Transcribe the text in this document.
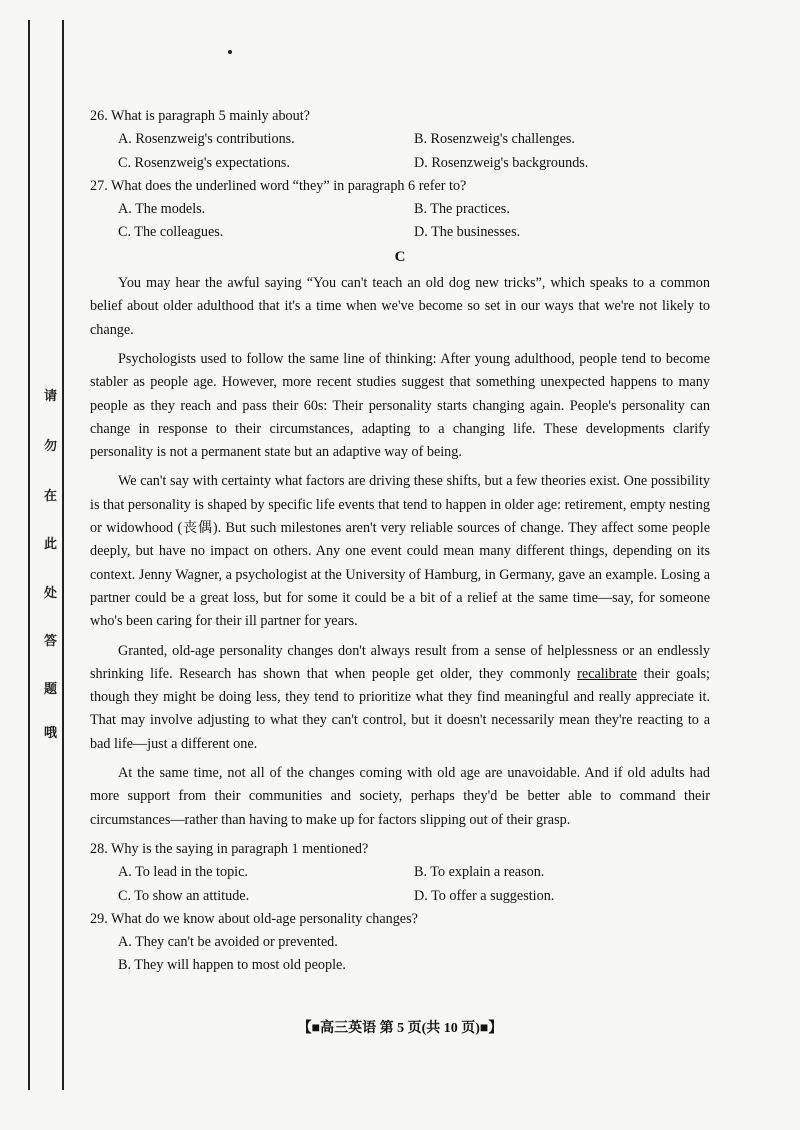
请
勿
在
此
处
答
题
哦

26. What is paragraph 5 mainly about?

A. Rosenzweig's contributions.	B. Rosenzweig's challenges.
C. Rosenzweig's expectations.	D. Rosenzweig's backgrounds.

27. What does the underlined word “they” in paragraph 6 refer to?

A. The models.	B. The practices.
C. The colleagues.	D. The businesses.
C

You may hear the awful saying “You can't teach an old dog new tricks”, which speaks to a common belief about older adulthood that it's a time when we've become so set in our ways that we're not likely to change.

Psychologists used to follow the same line of thinking: After young adulthood, people tend to become stabler as people age. However, more recent studies suggest that something unexpected happens to many people as they reach and pass their 60s: Their personality starts changing again. People's personality can change in response to their circumstances, adapting to a changing life. These developments clarify personality is not a permanent state but an adaptive way of being.

We can't say with certainty what factors are driving these shifts, but a few theories exist. One possibility is that personality is shaped by specific life events that tend to happen in older age: retirement, empty nesting or widowhood (丧偶). But such milestones aren't very reliable sources of change. They affect some people deeply, but have no impact on others. Any one event could mean many different things, depending on its context. Jenny Wagner, a psychologist at the University of Hamburg, in Germany, gave an example. Losing a partner could be a great loss, but for some it could be a bit of a relief at the same time—say, for someone who's been caring for their ill partner for years.

Granted, old-age personality changes don't always result from a sense of helplessness or an endlessly shrinking life. Research has shown that when people get older, they commonly recalibrate their goals; though they might be doing less, they tend to prioritize what they find meaningful and really appreciate it. That may involve adjusting to what they can't control, but it doesn't necessarily mean they're reacting to a bad life—just a different one.

At the same time, not all of the changes coming with old age are unavoidable. And if old adults had more support from their communities and society, perhaps they'd be better able to command their circumstances—rather than having to make up for factors slipping out of their grasp.

28. Why is the saying in paragraph 1 mentioned?

A. To lead in the topic.	B. To explain a reason.
C. To show an attitude.	D. To offer a suggestion.

29. What do we know about old-age personality changes?

A. They can't be avoided or prevented.
B. They will happen to most old people.
【■高三英语 第 5 页(共 10 页)■】
